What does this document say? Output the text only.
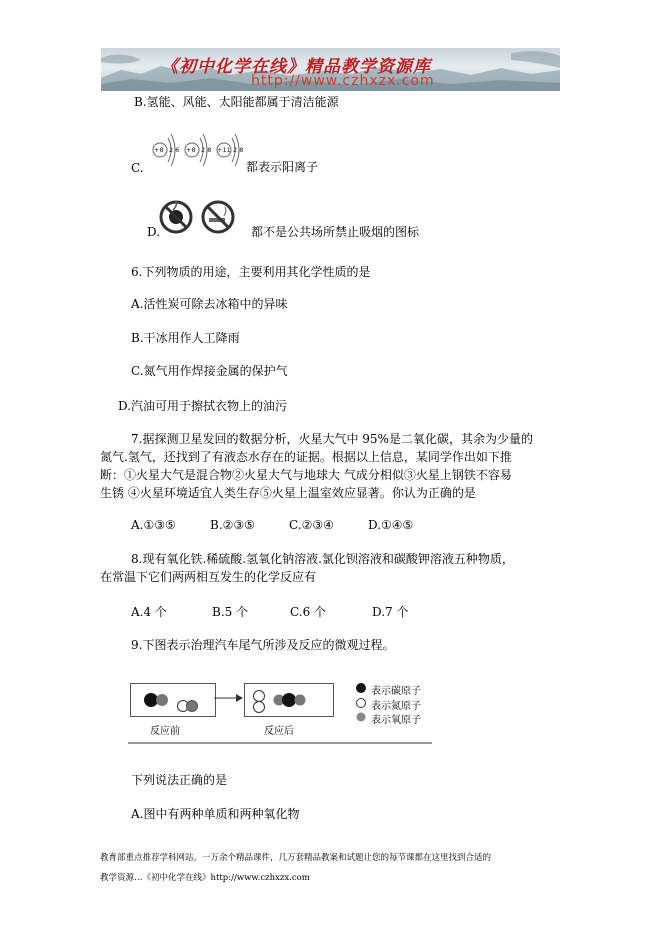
《初中化学在线》精品教学资源库
http://www.czhxzx.com
B.氢能、风能、太阳能都属于清洁能源
C.
+8 2 6 +8 2 8 +11 2 8
都表示阳离子
D.	都不是公共场所禁止吸烟的图标
6.下列物质的用途，主要利用其化学性质的是
A.活性炭可除去冰箱中的异味
B.干冰用作人工降雨
C.氮气用作焊接金属的保护气
D.汽油可用于擦拭衣物上的油污
7.据探测卫星发回的数据分析，火星大气中 95%是二氧化碳，其余为少量的
氮气.氢气，还找到了有液态水存在的证据。根据以上信息，某同学作出如下推
断：①火星大气是混合物②火星大气与地球大 气成分相似③火星上钢铁不容易
生锈 ④火星环境适宜人类生存⑤火星上温室效应显著。你认为正确的是
A.①③⑤	B.②③⑤	C.②③④	D.①④⑤
8.现有氧化铁.稀硫酸.氢氧化钠溶液.氯化钡溶液和碳酸钾溶液五种物质，
在常温下它们两两相互发生的化学反应有
A.4 个	B.5 个	C.6 个	D.7 个
9.下图表示治理汽车尾气所涉及反应的微观过程。
反应前	反应后
表示碳原子
表示氮原子
表示氧原子
下列说法正确的是
A.图中有两种单质和两种氧化物
教育部重点推荐学科网站。一万余个精品课件，几万套精品教案和试题让您的每节课都在这里找到合适的
教学资源…《初中化学在线》http://www.czhxzx.com
